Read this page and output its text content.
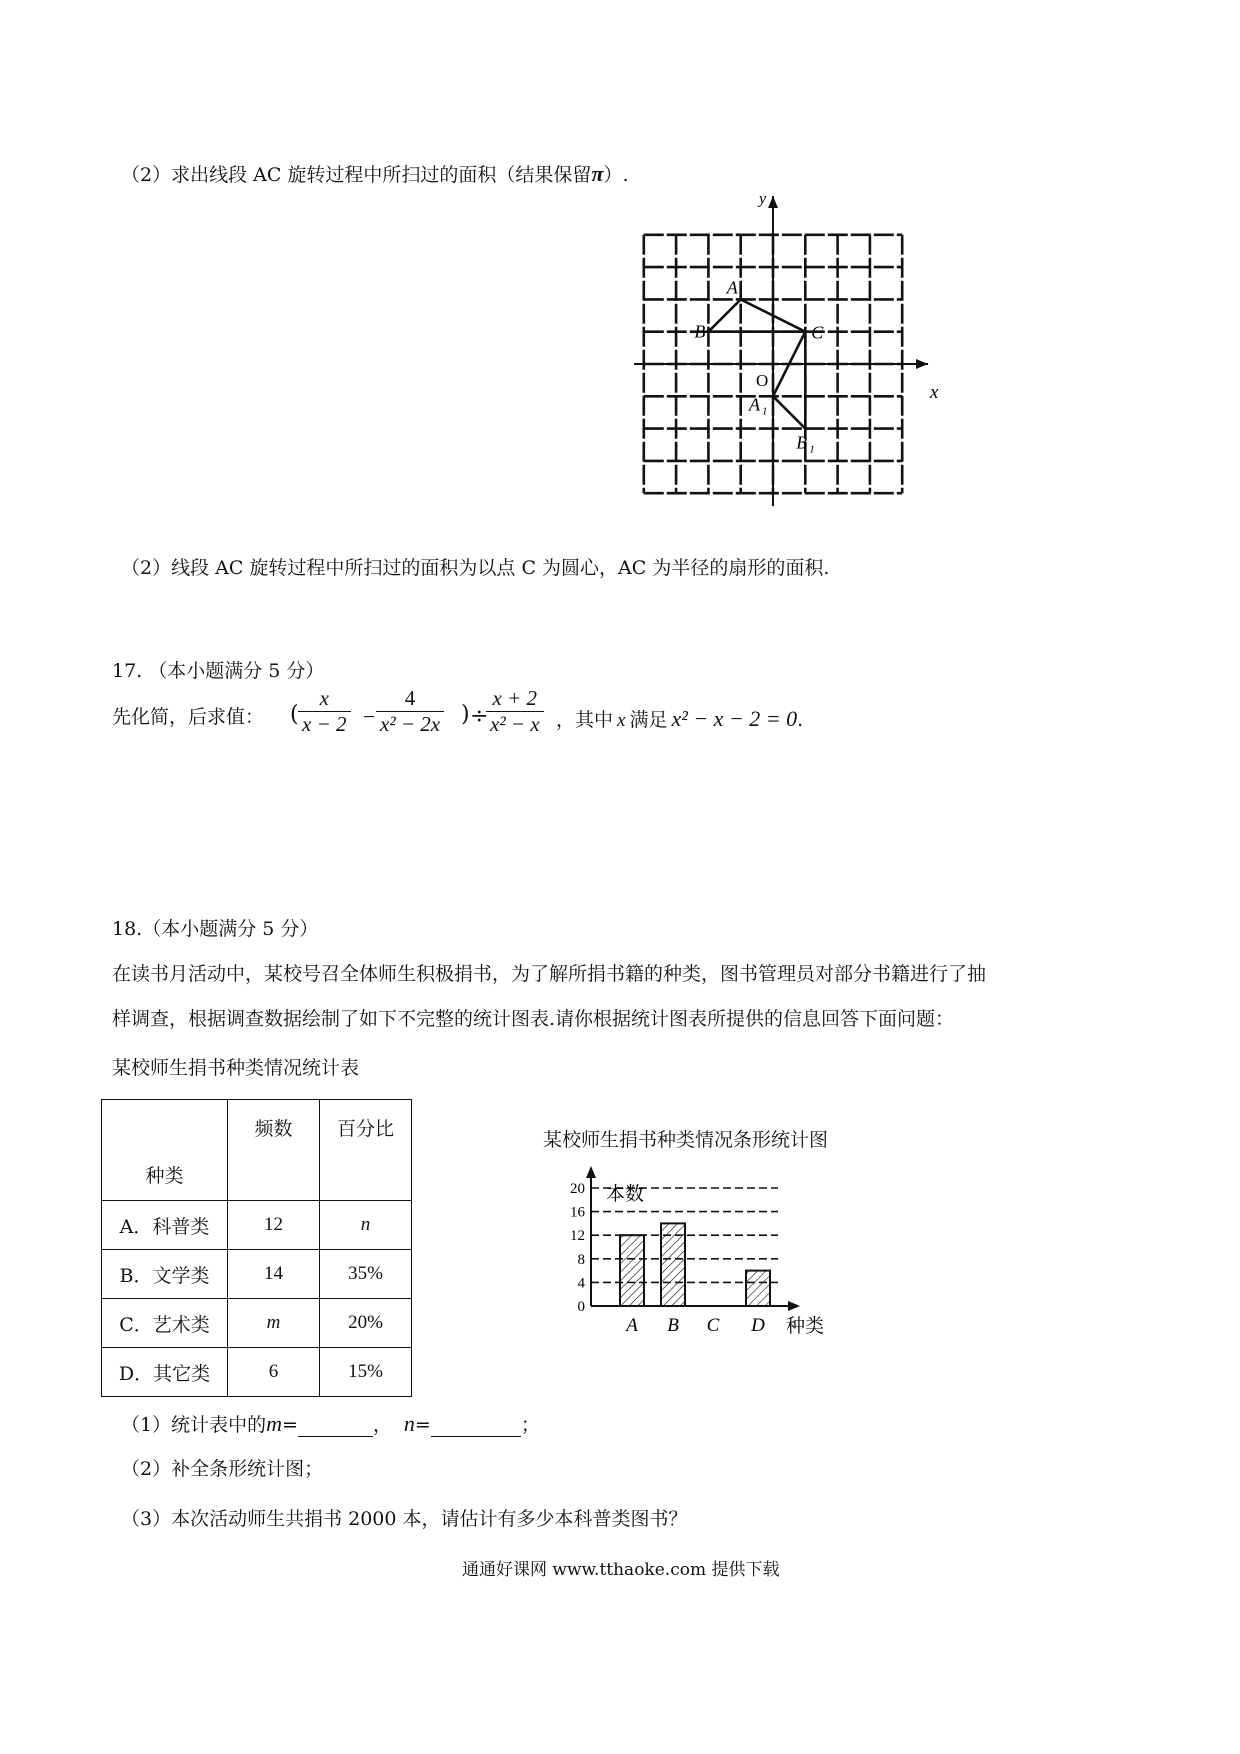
（2）求出线段 AC 旋转过程中所扫过的面积（结果保留π）.
x
y
O
A
B	C
A 1
B 1
（2）线段 AC 旋转过程中所扫过的面积为以点 C 为圆心，AC 为半径的扇形的面积.
17. （本小题满分 5 分）
先化简，后求值： ( $\frac{x}{x - 2} - \frac{4}{\text{x² − 2x}}$ ) ÷
$\frac{x + 2}{\text{x² − x}}$ ，其中 x 满足 x² − x − 2 = 0.
18.（本小题满分 5 分）
在读书月活动中，某校号召全体师生积极捐书，为了解所捐书籍的种类，图书管理员对部分书籍进行了抽
样调查，根据调查数据绘制了如下不完整的统计图表.请你根据统计图表所提供的信息回答下面问题：
某校师生捐书种类情况统计表
种类	频数	百分比
A．科普类	12	n
B．文学类	14	35%
C．艺术类	m	20%
D．其它类	6	15%
某校师生捐书种类情况条形统计图
0
4
8
12
16
20 本数
种类
A B C D
（1）统计表中的m=	， n=	；
（2）补全条形统计图；
（3）本次活动师生共捐书 2000 本，请估计有多少本科普类图书？
通通好课网 www.tthaoke.com 提供下载
